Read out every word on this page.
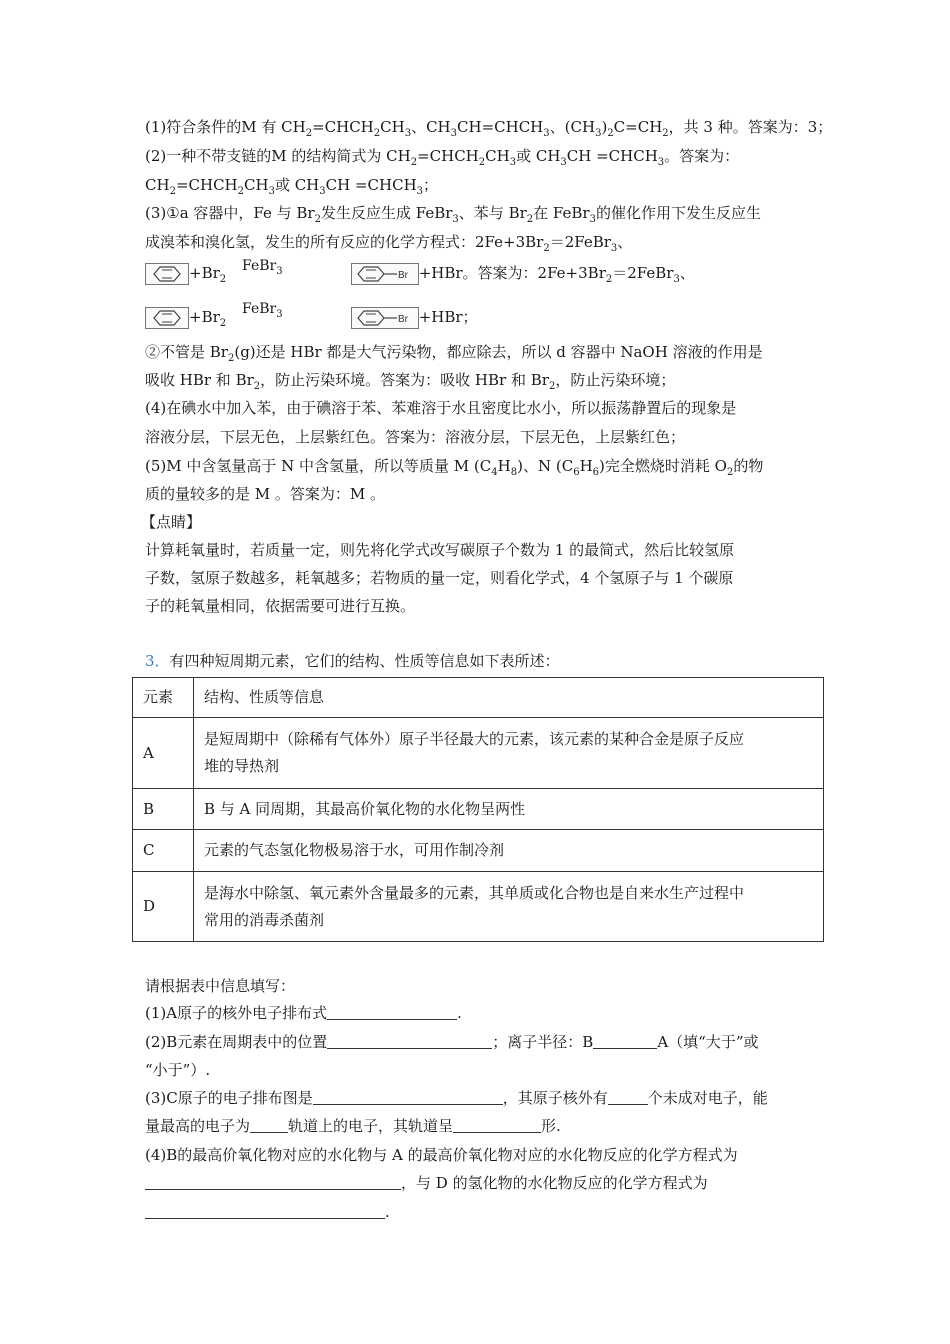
(1)符合条件的M 有 $CH_2=CHCH_2CH_3$、$CH_3CH=CHCH_3$、$(CH_3)_2C=CH_2$，共 3 种。答案为：3；
(2)一种不带支链的M 的结构简式为 $CH_2=CHCH_2CH_3$或 $CH_3CH$ $=CHCH_3$。答案为：
$CH_2=CHCH_2CH_3$或 $CH_3CH$ $=CHCH_3$；
(3)①a 容器中，Fe 与 $Br_2$发生反应生成 FeBr$_3$、苯与 $Br_2$在 FeBr$_3$的催化作用下发生反应生
成溴苯和溴化氢，发生的所有反应的化学方程式：$2Fe+3Br_2=2FeBr_3$、
$+Br_2$	Br +HBr。答案为：$2Fe+3Br_2=2FeBr_3$、
FeBr$_3$
$+Br_2$	Br +HBr；
FeBr$_3$
②不管是 $Br_2(g)$还是 HBr 都是大气污染物，都应除去，所以 d 容器中 NaOH 溶液的作用是
吸收 HBr 和 $Br_2$，防止污染环境。答案为：吸收 HBr 和 $Br_2$，防止污染环境；
(4)在碘水中加入苯，由于碘溶于苯、苯难溶于水且密度比水小，所以振荡静置后的现象是
溶液分层，下层无色，上层紫红色。答案为：溶液分层，下层无色，上层紫红色；
(5)M 中含氢量高于 N 中含氢量，所以等质量 M $(C_4H_8)$、N $(C_6H_6)$完全燃烧时消耗 $O_2$的物
质的量较多的是 M 。答案为：M 。
【点睛】
计算耗氧量时，若质量一定，则先将化学式改写碳原子个数为 1 的最简式，然后比较氢原
子数，氢原子数越多，耗氧越多；若物质的量一定，则看化学式，4 个氢原子与 1 个碳原
子的耗氧量相同，依据需要可进行互换。
3．有四种短周期元素，它们的结构、性质等信息如下表所述：
元素	结构、性质等信息
A	是短周期中（除稀有气体外）原子半径最大的元素，该元素的某种合金是原子反应
堆的导热剂

B	B 与 A 同周期，其最高价氧化物的水化物呈两性
C	元素的气态氢化物极易溶于水，可用作制冷剂
D	是海水中除氢、氧元素外含量最多的元素，其单质或化合物也是自来水生产过程中
常用的消毒杀菌剂
请根据表中信息填写：
(1)A原子的核外电子排布式	.
(2)B元素在周期表中的位置	；离子半径：B	A（填“大于”或
“小于”）.
(3)C原子的电子排布图是	，其原子核外有	个未成对电子，能
量最高的电子为	轨道上的电子，其轨道呈	形.
(4)B的最高价氧化物对应的水化物与 A 的最高价氧化物对应的水化物反应的化学方程式为
，与 D 的氢化物的水化物反应的化学方程式为
.
